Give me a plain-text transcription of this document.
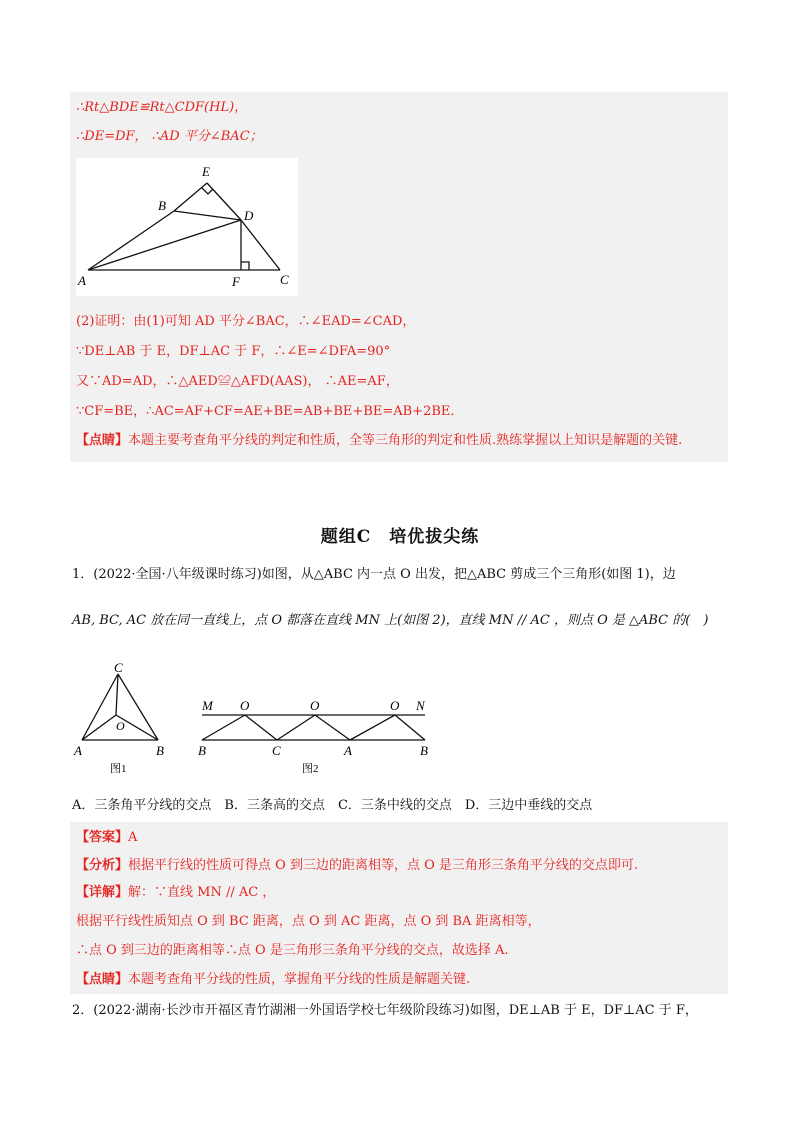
∴Rt△BDE≌Rt△CDF(HL)，
∴DE=DF， ∴AD 平分∠BAC；
E
B
D
A	F	C
(2)证明：由(1)可知 AD 平分∠BAC，∴∠EAD=∠CAD，
∵DE⊥AB 于 E，DF⊥AC 于 F，∴∠E=∠DFA=90°
又∵AD=AD，∴△AED≌△AFD(AAS)， ∴AE=AF，
∵CF=BE，∴AC=AF+CF=AE+BE=AB+BE+BE=AB+2BE．
【点睛】本题主要考查角平分线的判定和性质，全等三角形的判定和性质.熟练掌握以上知识是解题的关键.
题组C　培优拔尖练
1．(2022·全国·八年级课时练习)如图，从△ABC 内一点 O 出发，把△ABC 剪成三个三角形(如图 1)，边
AB, BC, AC 放在同一直线上，点 O 都落在直线 MN 上(如图 2)，直线 MN // AC ，则点 O 是 △ABC 的(　)
C
O
A	B
图1
M	N
O	O	O
B	C	A	B
图2
A．三条角平分线的交点　B．三条高的交点　C．三条中线的交点　D．三边中垂线的交点
【答案】A
【分析】根据平行线的性质可得点 O 到三边的距离相等，点 O 是三角形三条角平分线的交点即可.
【详解】解：∵直线 MN // AC ，
根据平行线性质知点 O 到 BC 距离，点 O 到 AC 距离，点 O 到 BA 距离相等，
∴点 O 到三边的距离相等∴点 O 是三角形三条角平分线的交点，故选择 A.
【点睛】本题考查角平分线的性质，掌握角平分线的性质是解题关键.
2．(2022·湖南·长沙市开福区青竹湖湘一外国语学校七年级阶段练习)如图，DE⊥AB 于 E，DF⊥AC 于 F，
